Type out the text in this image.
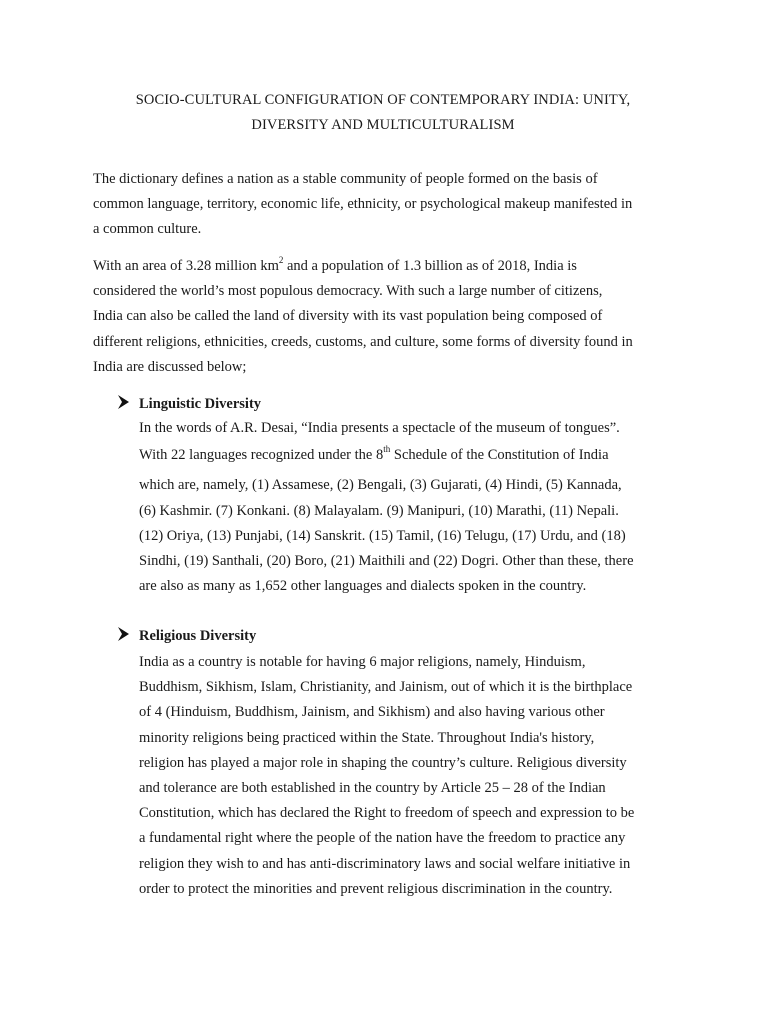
SOCIO-CULTURAL CONFIGURATION OF CONTEMPORARY INDIA: UNITY,
DIVERSITY AND MULTICULTURALISM
The dictionary defines a nation as a stable community of people formed on the basis of
common language, territory, economic life, ethnicity, or psychological makeup manifested in
a common culture.
With an area of 3.28 million $km^2$ and a population of 1.3 billion as of 2018, India is
considered the world’s most populous democracy. With such a large number of citizens,
India can also be called the land of diversity with its vast population being composed of
different religions, ethnicities, creeds, customs, and culture, some forms of diversity found in
India are discussed below;
Linguistic Diversity
In the words of A.R. Desai, “India presents a spectacle of the museum of tongues”.
With 22 languages recognized under the 8th Schedule of the Constitution of India
which are, namely, (1) Assamese, (2) Bengali, (3) Gujarati, (4) Hindi, (5) Kannada,
(6) Kashmir. (7) Konkani. (8) Malayalam. (9) Manipuri, (10) Marathi, (11) Nepali.
(12) Oriya, (13) Punjabi, (14) Sanskrit. (15) Tamil, (16) Telugu, (17) Urdu, and (18)
Sindhi, (19) Santhali, (20) Boro, (21) Maithili and (22) Dogri. Other than these, there
are also as many as 1,652 other languages and dialects spoken in the country.
Religious Diversity
India as a country is notable for having 6 major religions, namely, Hinduism,
Buddhism, Sikhism, Islam, Christianity, and Jainism, out of which it is the birthplace
of 4 (Hinduism, Buddhism, Jainism, and Sikhism) and also having various other
minority religions being practiced within the State. Throughout India's history,
religion has played a major role in shaping the country’s culture. Religious diversity
and tolerance are both established in the country by Article 25 – 28 of the Indian
Constitution, which has declared the Right to freedom of speech and expression to be
a fundamental right where the people of the nation have the freedom to practice any
religion they wish to and has anti-discriminatory laws and social welfare initiative in
order to protect the minorities and prevent religious discrimination in the country.
